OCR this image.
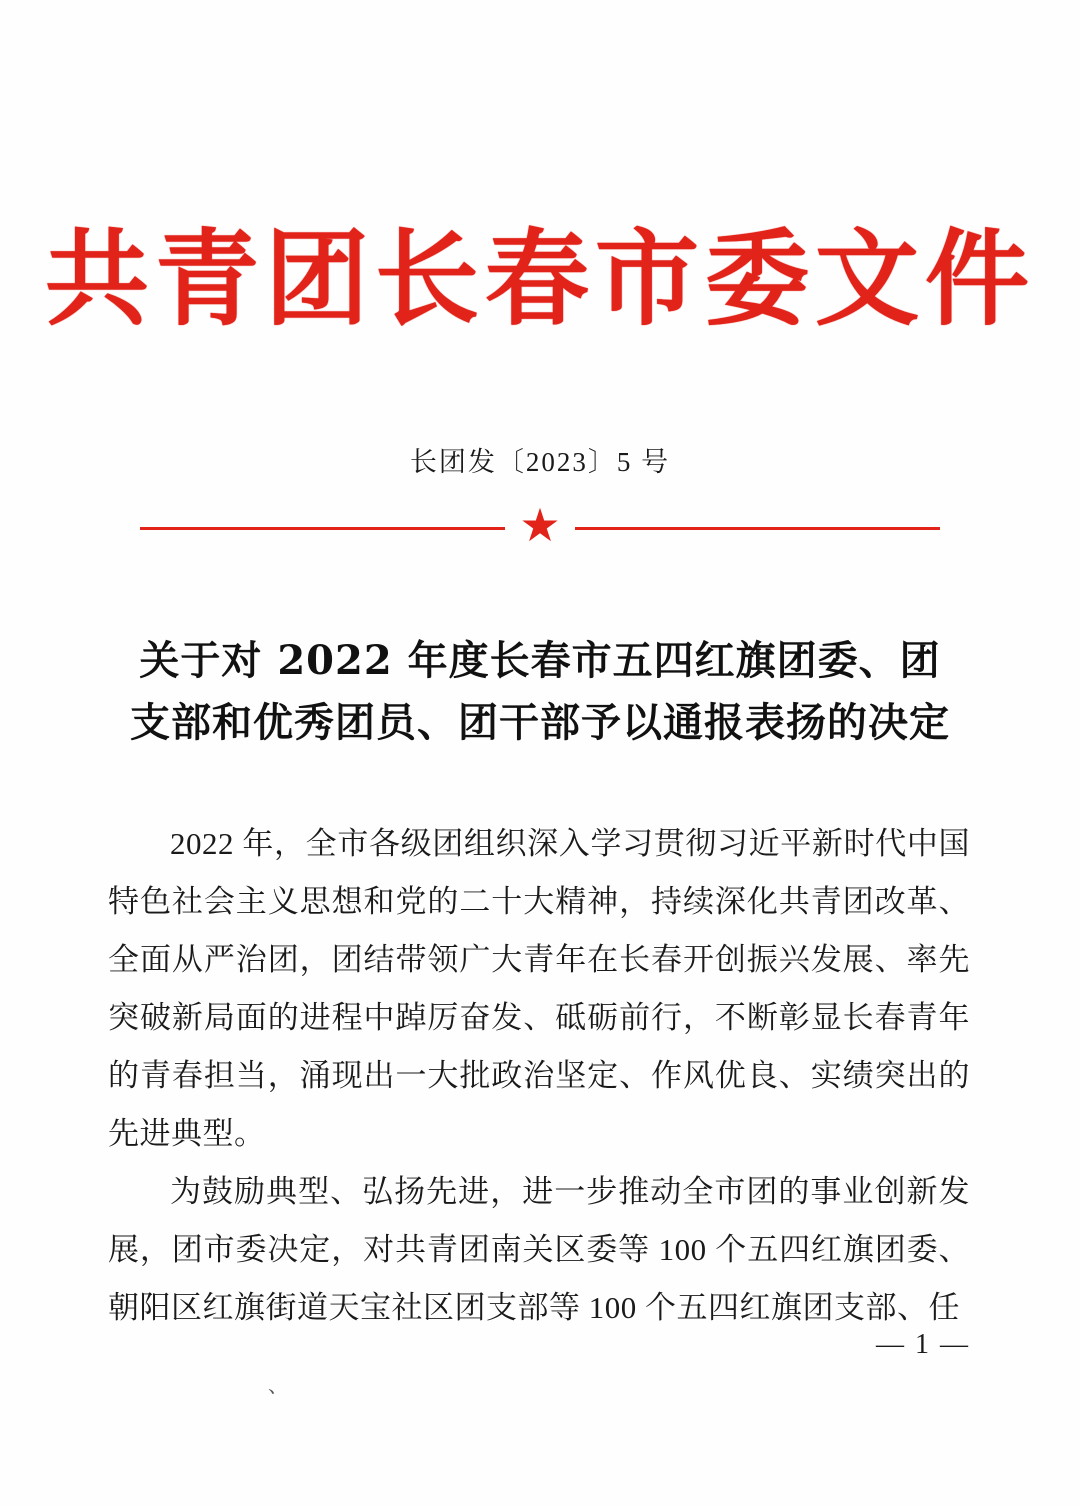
共青团长春市委文件
长团发〔2023〕5 号
★
关于对 2022 年度长春市五四红旗团委、团支部和优秀团员、团干部予以通报表扬的决定

2022 年，全市各级团组织深入学习贯彻习近平新时代中国特色社会主义思想和党的二十大精神，持续深化共青团改革、全面从严治团，团结带领广大青年在长春开创振兴发展、率先突破新局面的进程中踔厉奋发、砥砺前行，不断彰显长春青年的青春担当，涌现出一大批政治坚定、作风优良、实绩突出的先进典型。

为鼓励典型、弘扬先进，进一步推动全市团的事业创新发展，团市委决定，对共青团南关区委等 100 个五四红旗团委、朝阳区红旗街道天宝社区团支部等 100 个五四红旗团支部、任

— 1 —
、
